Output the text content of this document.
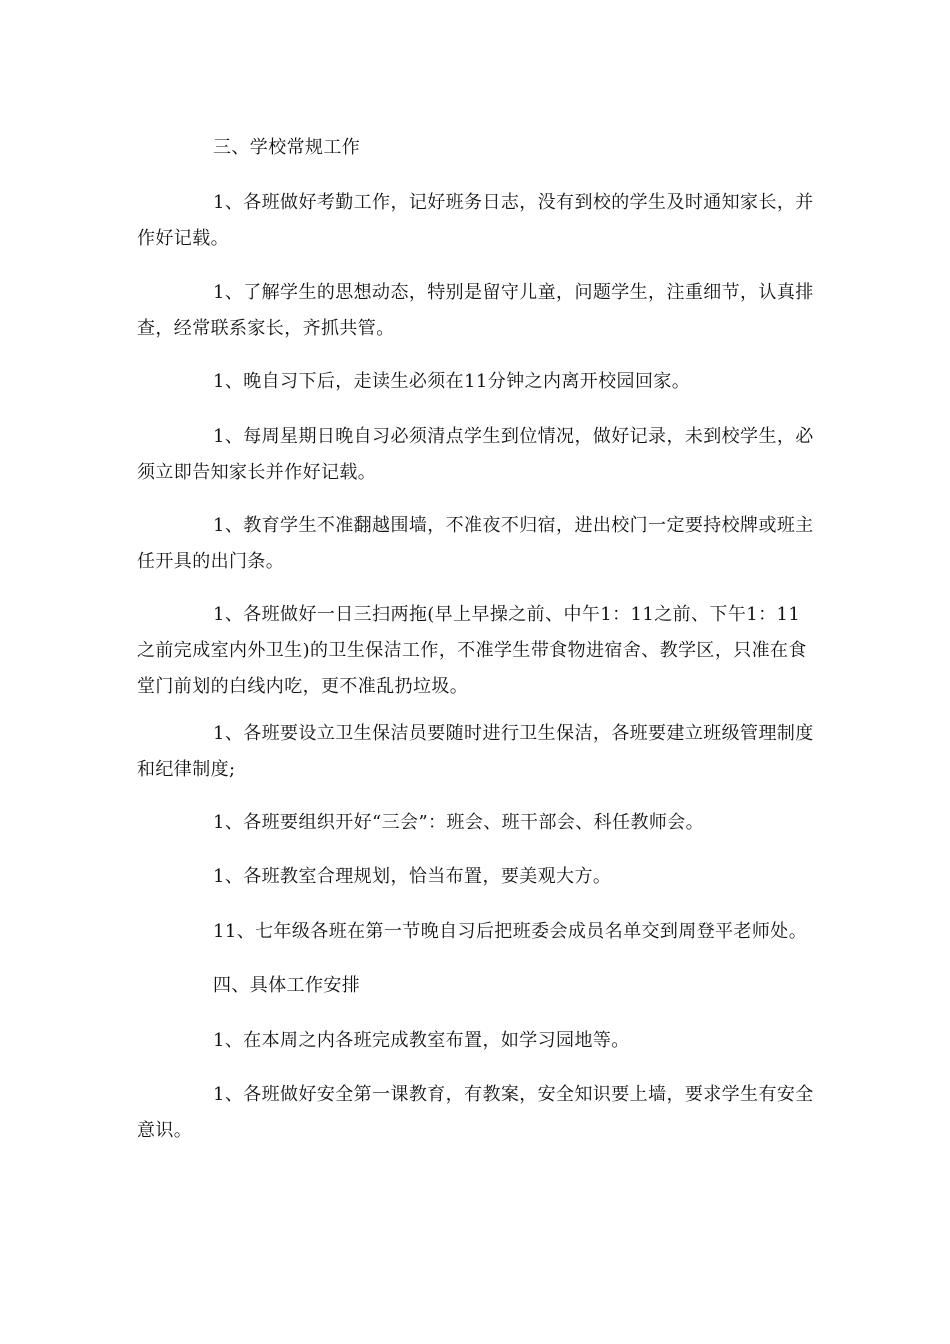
三、学校常规工作

1、各班做好考勤工作，记好班务日志，没有到校的学生及时通知家长，并作好记载。

1、了解学生的思想动态，特别是留守儿童，问题学生，注重细节，认真排查，经常联系家长，齐抓共管。

1、晚自习下后，走读生必须在11分钟之内离开校园回家。

1、每周星期日晚自习必须清点学生到位情况，做好记录，未到校学生，必须立即告知家长并作好记载。

1、教育学生不准翻越围墙，不准夜不归宿，进出校门一定要持校牌或班主任开具的出门条。

1、各班做好一日三扫两拖(早上早操之前、中午1：11之前、下午1：11之前完成室内外卫生)的卫生保洁工作，不准学生带食物进宿舍、教学区，只准在食堂门前划的白线内吃，更不准乱扔垃圾。

1、各班要设立卫生保洁员要随时进行卫生保洁，各班要建立班级管理制度和纪律制度;

1、各班要组织开好“三会”：班会、班干部会、科任教师会。

1、各班教室合理规划，恰当布置，要美观大方。

11、七年级各班在第一节晚自习后把班委会成员名单交到周登平老师处。

四、具体工作安排

1、在本周之内各班完成教室布置，如学习园地等。

1、各班做好安全第一课教育，有教案，安全知识要上墙，要求学生有安全意识。
